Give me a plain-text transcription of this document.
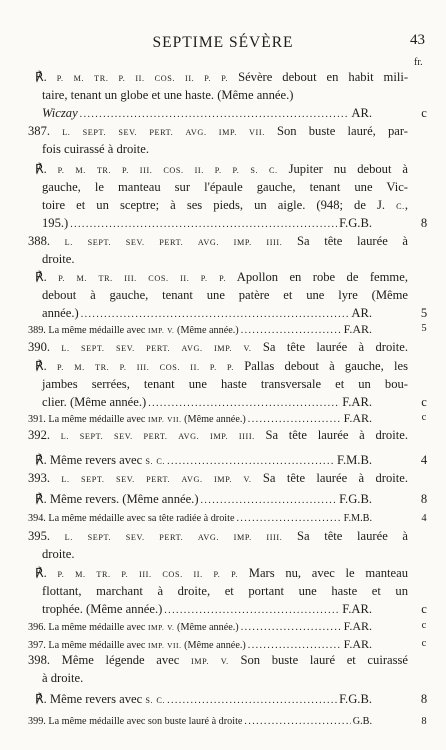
SEPTIME SÉVÈRE	43
fr.
℟. P. M. TR. P. II. COS. II. P. P. Sévère debout en habit mili-
taire, tenant un globe et une haste. (Même année.)
Wiczay .....	AR.	c
387. L. SEPT. SEV. PERT. AVG. IMP. VII. Son buste lauré, par-
fois cuirassé à droite.
℟. P. M. TR. P. III. COS. II. P. P. S. C. Jupiter nu debout à
gauche, le manteau sur l'épaule gauche, tenant une Vic-
toire et un sceptre; à ses pieds, un aigle. (948; de J. C.,
195.) .....	F.G.B.	8
388. L. SEPT. SEV. PERT. AVG. IMP. IIII. Sa tête laurée à
droite.
℟. P. M. TR. III. COS. II. P. P. Apollon en robe de femme,
debout à gauche, tenant une patère et une lyre (Même
année.) .....	AR.	5
389. La même médaille avec IMP. V. (Même année.) .....	F.AR.	5
390. L. SEPT. SEV. PERT. AVG. IMP. V. Sa tête laurée à droite.
℟. P. M. TR. P. III. COS. II. P. P. Pallas debout à gauche, les
jambes serrées, tenant une haste transversale et un bou-
clier. (Même année.) .....	F.AR.	c
391. La même médaille avec IMP. VII. (Même année.) .....	F.AR.	c
392. L. SEPT. SEV. PERT. AVG. IMP. IIII. Sa tête laurée à droite.
℟. Même revers avec S. C. .....	F.M.B.	4
393. L. SEPT. SEV. PERT. AVG. IMP. V. Sa tête laurée à droite.
℟. Même revers. (Même année.) .....	F.G.B.	8
394. La même médaille avec sa tête radiée à droite .....	F.M.B.	4
395. L. SEPT. SEV. PERT. AVG. IMP. IIII. Sa tête laurée à
droite.
℟. P. M. TR. P. III. COS. II. P. P. Mars nu, avec le manteau
flottant, marchant à droite, et portant une haste et un
trophée. (Même année.) .....	F.AR.	c
396. La même médaille avec IMP. V. (Même année.) .....	F.AR.	c
397. La même médaille avec IMP. VII. (Même année.) .....	F.AR.	c
398. Même légende avec IMP. V. Son buste lauré et cuirassé
à droite.
℟. Même revers avec S. C. .....	F.G.B.	8
399. La même médaille avec son buste lauré à droite .....	G.B.	8
